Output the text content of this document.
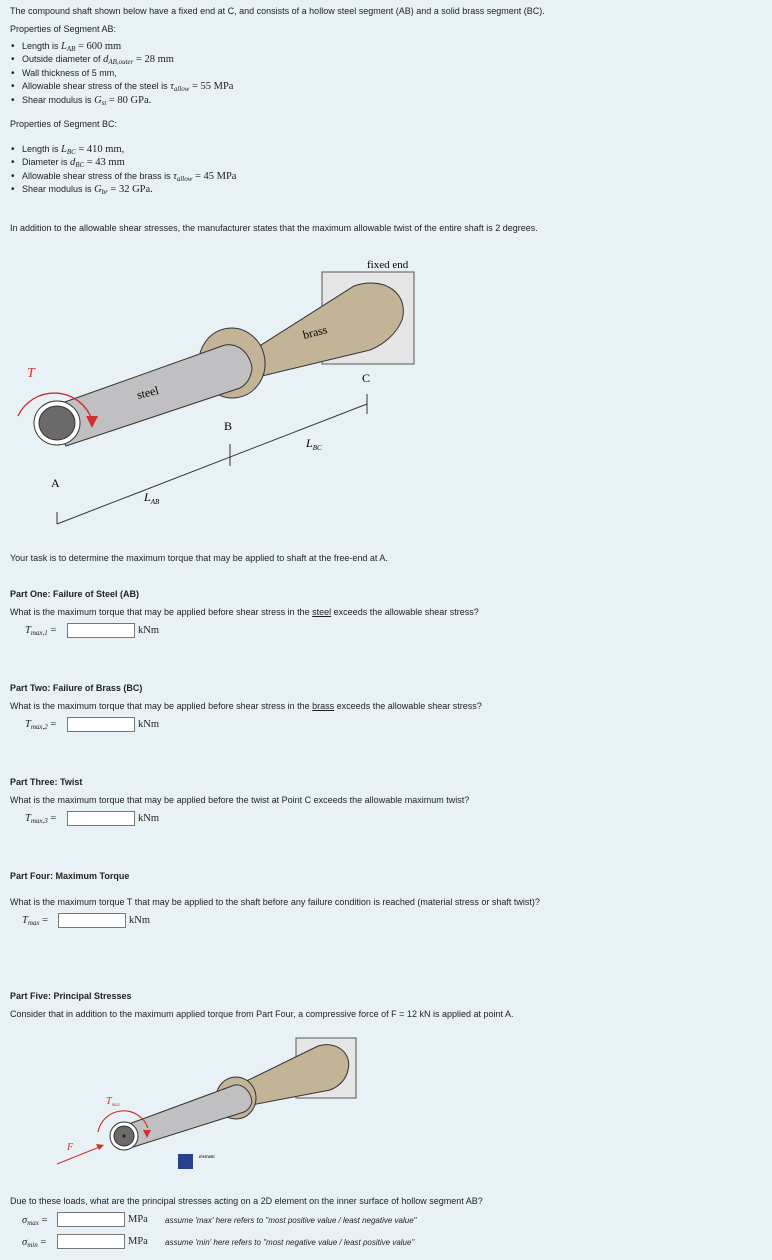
The compound shaft shown below have a fixed end at C, and consists of a hollow steel segment (AB) and a solid brass segment (BC).
Properties of Segment AB:
• Length is $L_{AB} = 600$ mm
• Outside diameter of $d_{AB,outer} = 28$ mm
• Wall thickness of 5 mm,
• Allowable shear stress of the steel is $\tau_{allow} = 55$ MPa
• Shear modulus is $G_{st} = 80$ GPa.
Properties of Segment BC:
• Length is $L_{BC} = 410$ mm,
• Diameter is $d_{BC} = 43$ mm
• Allowable shear stress of the brass is $\tau_{allow} = 45$ MPa
• Shear modulus is $G_{br} = 32$ GPa.
In addition to the allowable shear stresses, the manufacturer states that the maximum allowable twist of the entire shaft is 2 degrees.
fixed end
brass
steel
T
A
B
C
$L_{AB}$
$L_{BC}$
Your task is to determine the maximum torque that may be applied to shaft at the free-end at A.
Part One: Failure of Steel (AB)
What is the maximum torque that may be applied before shear stress in the steel exceeds the allowable shear stress?
$T_{max,1}$ =	kNm
Part Two: Failure of Brass (BC)
What is the maximum torque that may be applied before shear stress in the brass exceeds the allowable shear stress?
$T_{max,2}$ =	kNm
Part Three: Twist
What is the maximum torque that may be applied before the twist at Point C exceeds the allowable maximum twist?
$T_{max,3}$ =	kNm
Part Four: Maximum Torque
What is the maximum torque T that may be applied to the shaft before any failure condition is reached (material stress or shaft twist)?
$T_{max}$ =	kNm
Part Five: Principal Stresses
Consider that in addition to the maximum applied torque from Part Four, a compressive force of F = 12 kN is applied at point A.
$T_{max}$
F
element
Due to these loads, what are the principal stresses acting on a 2D element on the inner surface of hollow segment AB?
$\sigma_{max}$ =	MPa assume 'max' here refers to "most positive value / least negative value"
$\sigma_{min}$ =	MPa assume 'min' here refers to "most negative value / least positive value"
